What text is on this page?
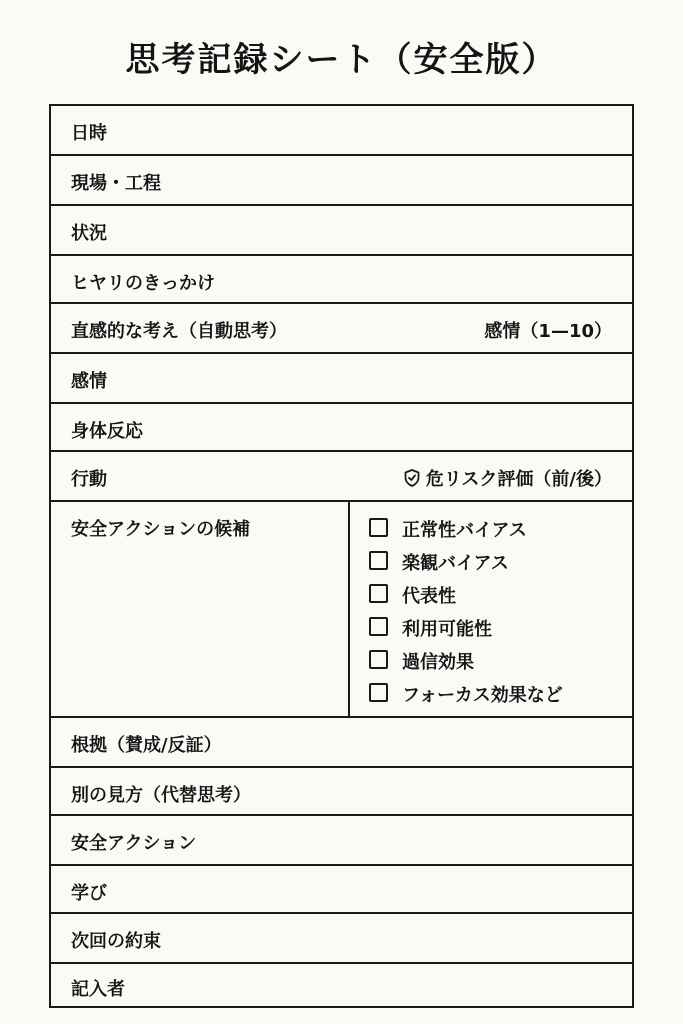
思考記録シート（安全版）
日時
現場・工程
状況
ヒヤリのきっかけ
直感的な考え（自動思考）	感情（1—10）
感情
身体反応
行動	危リスク評価（前/後）
安全アクションの候補	正常性バイアス
楽観バイアス
代表性
利用可能性
過信効果
フォーカス効果など
根拠（賛成/反証）
別の見方（代替思考）
安全アクション
学び
次回の約束
記入者
